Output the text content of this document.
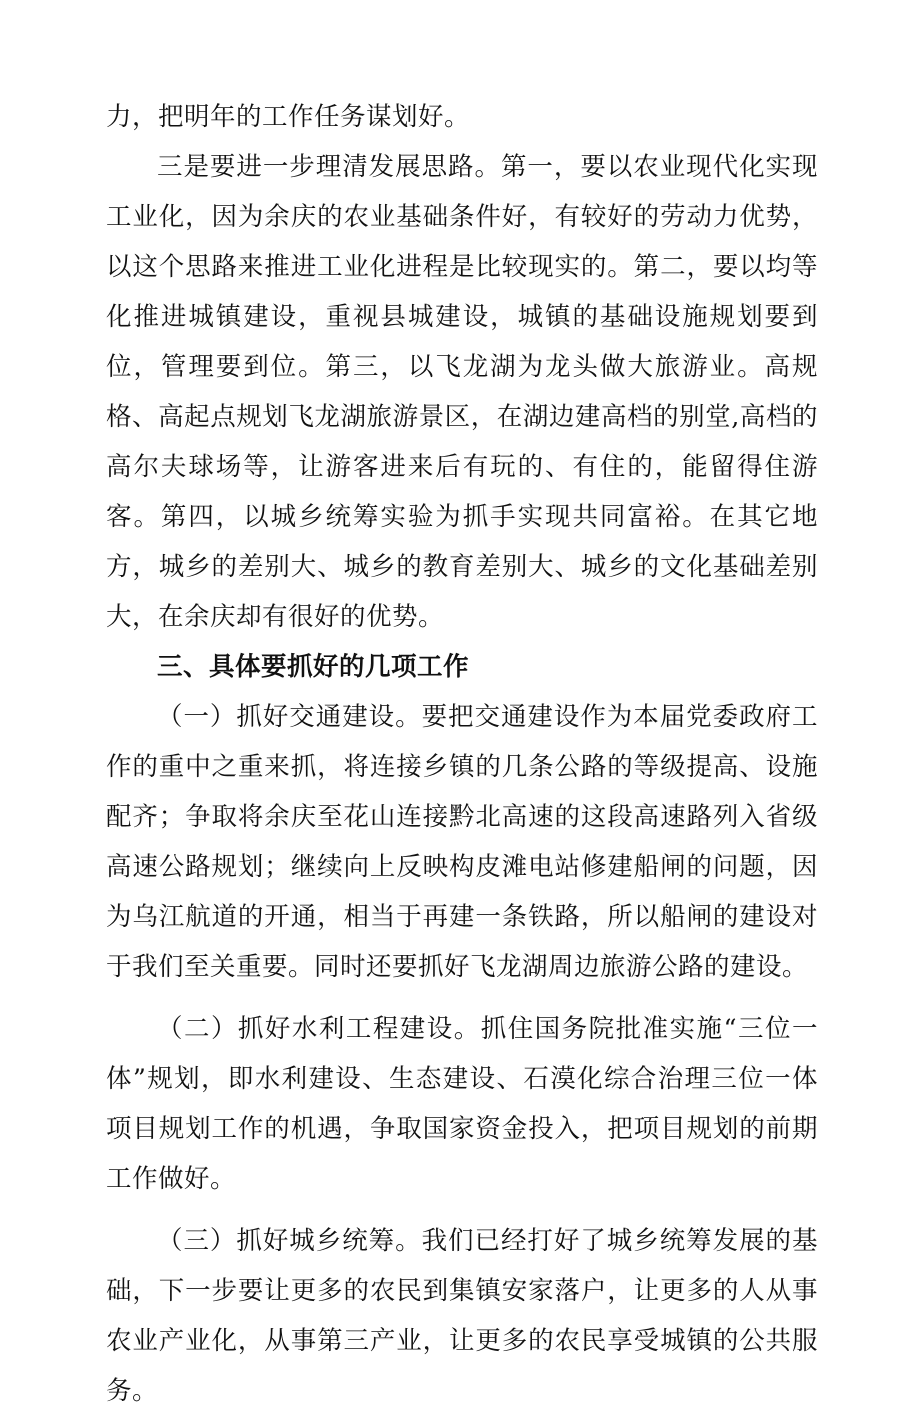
力，把明年的工作任务谋划好。

三是要进一步理清发展思路。第一，要以农业现代化实现工业化，因为余庆的农业基础条件好，有较好的劳动力优势，以这个思路来推进工业化进程是比较现实的。第二，要以均等化推进城镇建设，重视县城建设，城镇的基础设施规划要到位，管理要到位。第三，以飞龙湖为龙头做大旅游业。高规格、高起点规划飞龙湖旅游景区，在湖边建高档的别堂,高档的高尔夫球场等，让游客进来后有玩的、有住的，能留得住游客。第四，以城乡统筹实验为抓手实现共同富裕。在其它地方，城乡的差别大、城乡的教育差别大、城乡的文化基础差别大，在余庆却有很好的优势。

三、具体要抓好的几项工作

（一）抓好交通建设。要把交通建设作为本届党委政府工作的重中之重来抓，将连接乡镇的几条公路的等级提高、设施配齐；争取将余庆至花山连接黔北高速的这段高速路列入省级高速公路规划；继续向上反映构皮滩电站修建船闸的问题，因为乌江航道的开通，相当于再建一条铁路，所以船闸的建设对于我们至关重要。同时还要抓好飞龙湖周边旅游公路的建设。

（二）抓好水利工程建设。抓住国务院批准实施“三位一体”规划，即水利建设、生态建设、石漠化综合治理三位一体项目规划工作的机遇，争取国家资金投入，把项目规划的前期工作做好。

（三）抓好城乡统筹。我们已经打好了城乡统筹发展的基础，下一步要让更多的农民到集镇安家落户，让更多的人从事农业产业化，从事第三产业，让更多的农民享受城镇的公共服务。
